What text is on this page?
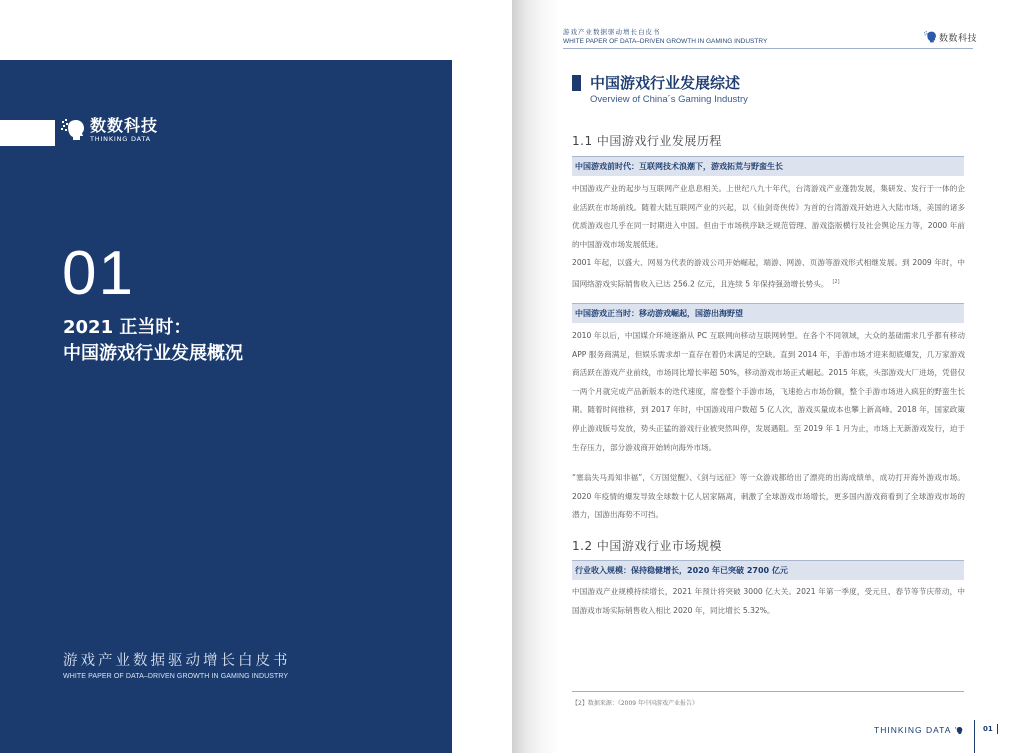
数数科技
THINKING DATA
01
2021 正当时：
中国游戏行业发展概况
游戏产业数据驱动增长白皮书
WHITE PAPER OF DATA–DRIVEN GROWTH IN GAMING INDUSTRY
游戏产业数据驱动增长白皮书
WHITE PAPER OF DATA–DRIVEN GROWTH IN GAMING INDUSTRY	数数科技
中国游戏行业发展综述
Overview of China´s Gaming Industry
1.1 中国游戏行业发展历程
中国游戏前时代：互联网技术浪潮下，游戏拓荒与野蛮生长
中国游戏产业的起步与互联网产业息息相关。上世纪八九十年代，台湾游戏产业蓬勃发展，集研发、发行于一体的企业活跃在市场前线。随着大陆互联网产业的兴起，以《仙剑奇侠传》为首的台湾游戏开始进入大陆市场，美国的诸多优质游戏也几乎在同一时期进入中国。但由于市场秩序缺乏规范管理、游戏盗版横行及社会舆论压力等，2000 年前的中国游戏市场发展低迷。
2001 年起，以盛大、网易为代表的游戏公司开始崛起，端游、网游、页游等游戏形式相继发展。到 2009 年时，中国网络游戏实际销售收入已达 256.2 亿元，且连续 5 年保持强劲增长势头。 [2]
中国游戏正当时：移动游戏崛起，国游出海野望
2010 年以后，中国媒介环境逐渐从 PC 互联网向移动互联网转型。在各个不同领域，大众的基础需求几乎都有移动 APP 服务商满足，但娱乐需求却一直存在着仍未满足的空缺。直到 2014 年，手游市场才迎来彻底爆发，几万家游戏商活跃在游戏产业前线，市场同比增长率超 50%，移动游戏市场正式崛起。2015 年底，头部游戏大厂进场，凭借仅一两个月就完成产品新版本的迭代速度，席卷整个手游市场，飞速抢占市场份额，整个手游市场进入疯狂的野蛮生长期。随着时间推移，到 2017 年时，中国游戏用户数超 5 亿人次，游戏买量成本也攀上新高峰。2018 年，国家政策停止游戏版号发放，势头正猛的游戏行业被突然叫停，发展遇阻。至 2019 年 1 月为止，市场上无新游戏发行，迫于生存压力，部分游戏商开始转向海外市场。
“塞翁失马焉知非福”，《万国觉醒》、《剑与远征》等一众游戏都给出了漂亮的出海成绩单，成功打开海外游戏市场。2020 年疫情的爆发导致全球数十亿人居家隔离，刺激了全球游戏市场增长，更多国内游戏商看到了全球游戏市场的潜力，国游出海势不可挡。
1.2 中国游戏行业市场规模
行业收入规模：保持稳健增长，2020 年已突破 2700 亿元
中国游戏产业规模持续增长，2021 年预计将突破 3000 亿大关。2021 年第一季度，受元旦、春节等节庆带动，中国游戏市场实际销售收入相比 2020 年，同比增长 5.32%。
【2】数据来源：《2009 年中国游戏产业报告》
THINKING DATA	01
